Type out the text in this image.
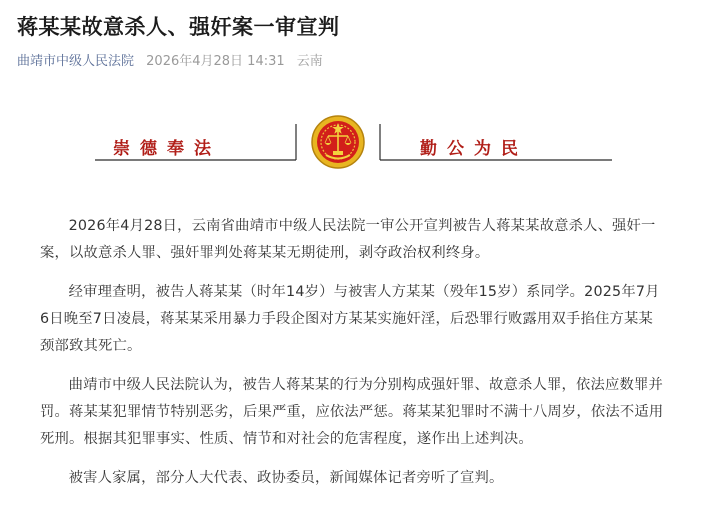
蒋某某故意杀人、强奸案一审宣判
曲靖市中级人民法院 2026年4月28日 14:31 云南
崇德奉法	勤公为民

2026年4月28日，云南省曲靖市中级人民法院一审公开宣判被告人蒋某某故意杀人、强奸一案，以故意杀人罪、强奸罪判处蒋某某无期徒刑，剥夺政治权利终身。

经审理查明，被告人蒋某某（时年14岁）与被害人方某某（殁年15岁）系同学。2025年7月6日晚至7日凌晨，蒋某某采用暴力手段企图对方某某实施奸淫，后恐罪行败露用双手掐住方某某颈部致其死亡。

曲靖市中级人民法院认为，被告人蒋某某的行为分别构成强奸罪、故意杀人罪，依法应数罪并罚。蒋某某犯罪情节特别恶劣，后果严重，应依法严惩。蒋某某犯罪时不满十八周岁，依法不适用死刑。根据其犯罪事实、性质、情节和对社会的危害程度，遂作出上述判决。

被害人家属，部分人大代表、政协委员，新闻媒体记者旁听了宣判。
